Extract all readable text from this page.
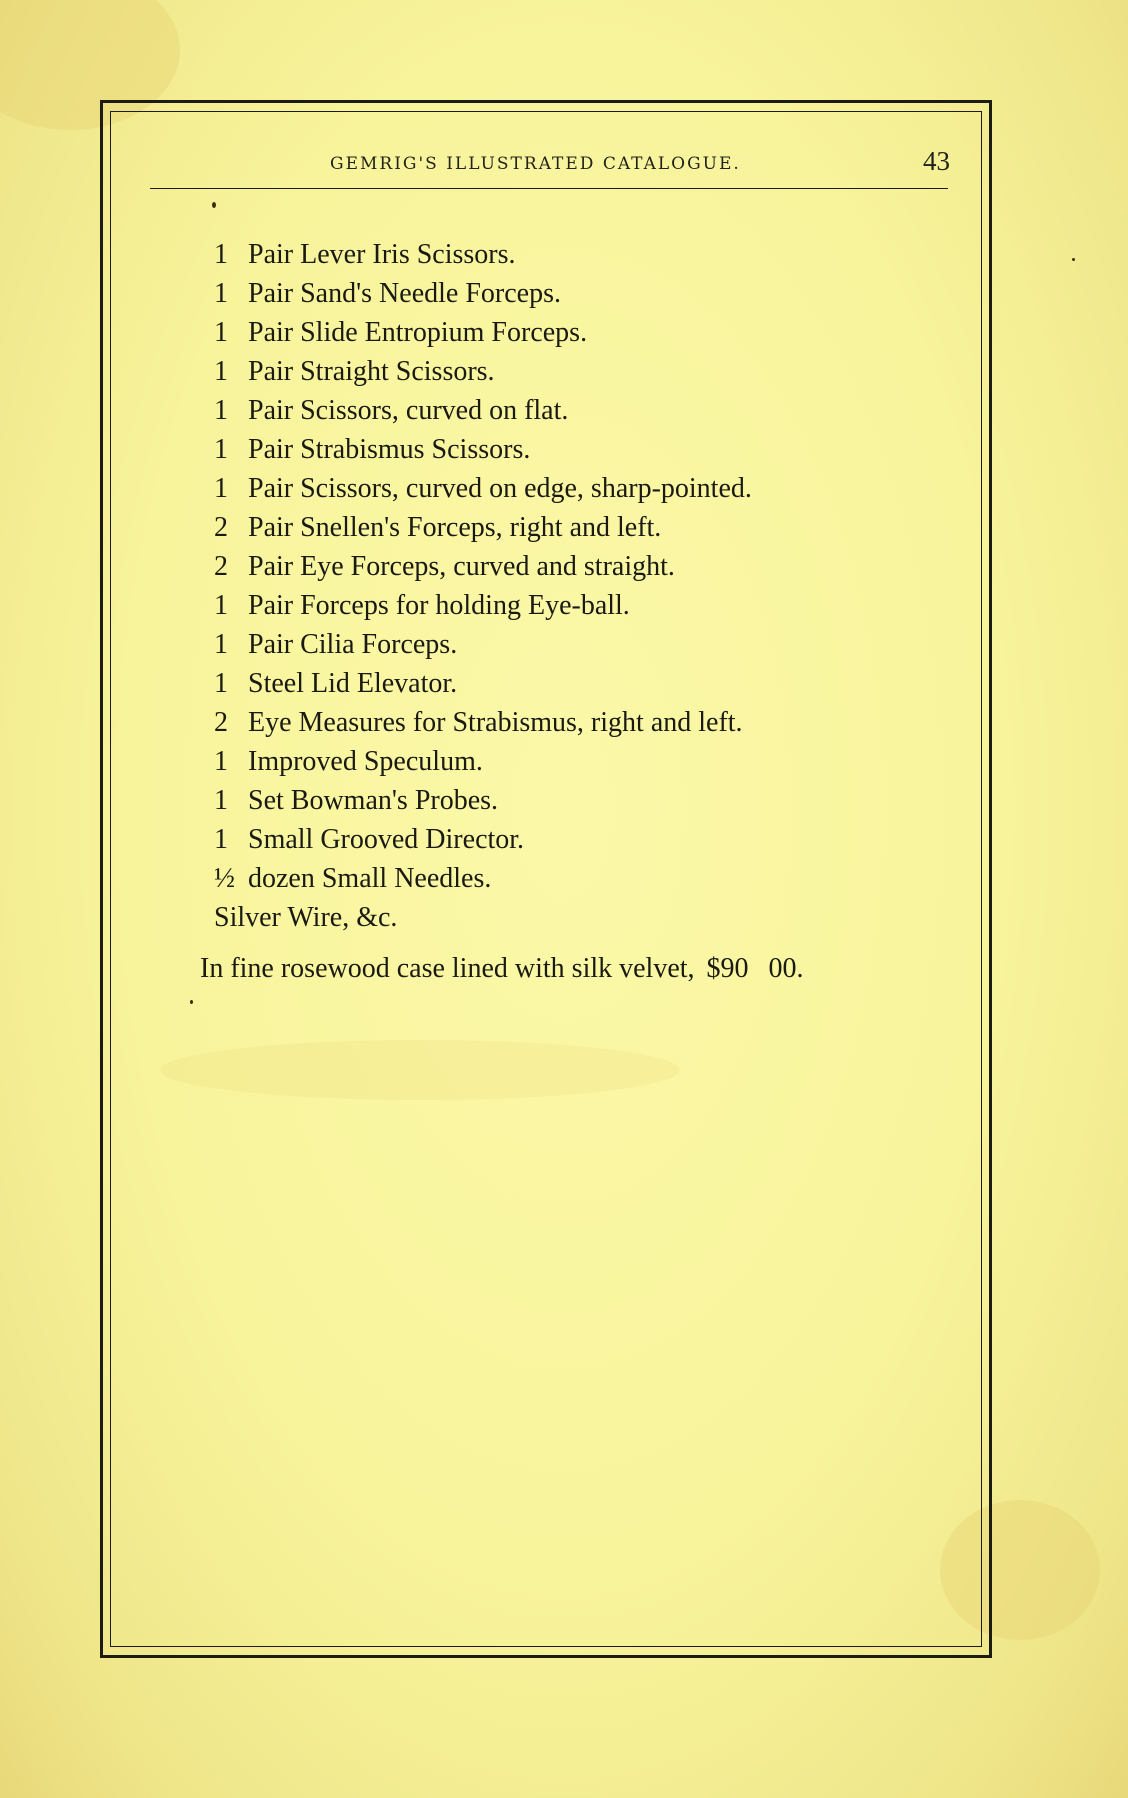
GEMRIG'S ILLUSTRATED CATALOGUE.	43
1 Pair Lever Iris Scissors.
1 Pair Sand's Needle Forceps.
1 Pair Slide Entropium Forceps.
1 Pair Straight Scissors.
1 Pair Scissors, curved on flat.
1 Pair Strabismus Scissors.
1 Pair Scissors, curved on edge, sharp-pointed.
2 Pair Snellen's Forceps, right and left.
2 Pair Eye Forceps, curved and straight.
1 Pair Forceps for holding Eye-ball.
1 Pair Cilia Forceps.
1 Steel Lid Elevator.
2 Eye Measures for Strabismus, right and left.
1 Improved Speculum.
1 Set Bowman's Probes.
1 Small Grooved Director.
½ dozen Small Needles.
Silver Wire, &c.
In fine rosewood case lined with silk velvet, $90 00.
